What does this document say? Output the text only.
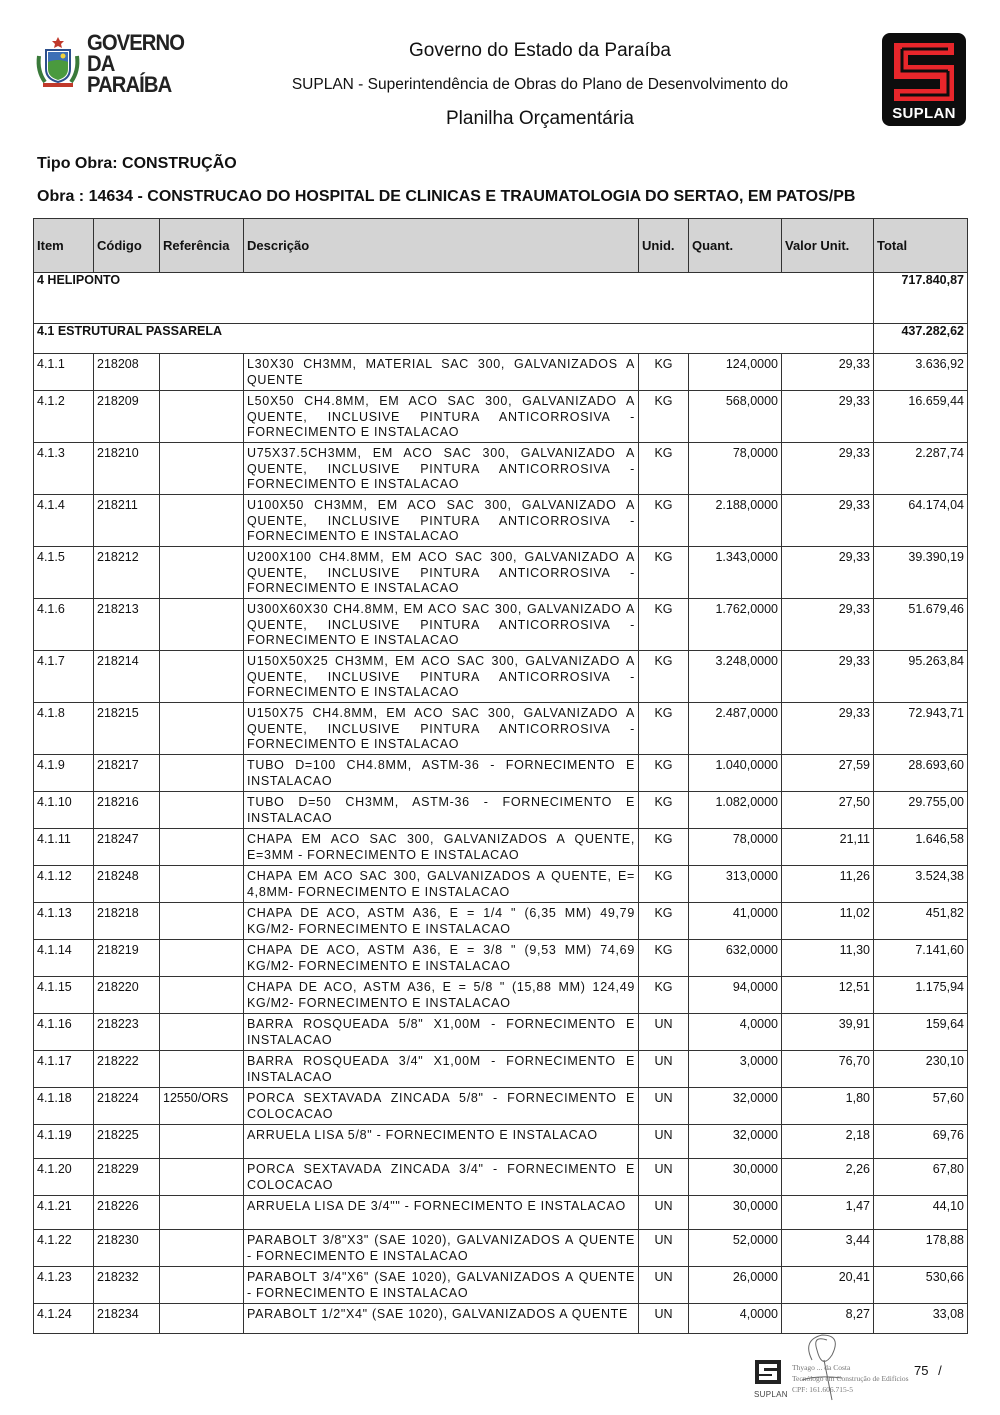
GOVERNO
DA PARAÍBA
Governo do Estado da Paraíba
SUPLAN - Superintendência de Obras do Plano de Desenvolvimento do
Planilha Orçamentária	SUPLAN
Tipo Obra: CONSTRUÇÃO
Obra : 14634 - CONSTRUCAO DO HOSPITAL DE CLINICAS E TRAUMATOLOGIA DO SERTAO, EM PATOS/PB
Item	Código	Referência	Descrição	Unid.	Quant.	Valor Unit.	Total
4 HELIPONTO							717.840,87
4.1 ESTRUTURAL PASSARELA							437.282,62
4.1.1	218208		L30X30 CH3MM, MATERIAL SAC 300, GALVANIZADOS A QUENTE	KG	124,0000	29,33	3.636,92
4.1.2	218209		L50X50 CH4.8MM, EM ACO SAC 300, GALVANIZADO A QUENTE, INCLUSIVE PINTURA ANTICORROSIVA - FORNECIMENTO E INSTALACAO	KG	568,0000	29,33	16.659,44
4.1.3	218210		U75X37.5CH3MM, EM ACO SAC 300, GALVANIZADO A QUENTE, INCLUSIVE PINTURA ANTICORROSIVA - FORNECIMENTO E INSTALACAO	KG	78,0000	29,33	2.287,74
4.1.4	218211		U100X50 CH3MM, EM ACO SAC 300, GALVANIZADO A QUENTE, INCLUSIVE PINTURA ANTICORROSIVA - FORNECIMENTO E INSTALACAO	KG	2.188,0000	29,33	64.174,04
4.1.5	218212		U200X100 CH4.8MM, EM ACO SAC 300, GALVANIZADO A QUENTE, INCLUSIVE PINTURA ANTICORROSIVA - FORNECIMENTO E INSTALACAO	KG	1.343,0000	29,33	39.390,19
4.1.6	218213		U300X60X30 CH4.8MM, EM ACO SAC 300, GALVANIZADO A QUENTE, INCLUSIVE PINTURA ANTICORROSIVA - FORNECIMENTO E INSTALACAO	KG	1.762,0000	29,33	51.679,46
4.1.7	218214		U150X50X25 CH3MM, EM ACO SAC 300, GALVANIZADO A QUENTE, INCLUSIVE PINTURA ANTICORROSIVA - FORNECIMENTO E INSTALACAO	KG	3.248,0000	29,33	95.263,84
4.1.8	218215		U150X75 CH4.8MM, EM ACO SAC 300, GALVANIZADO A QUENTE, INCLUSIVE PINTURA ANTICORROSIVA - FORNECIMENTO E INSTALACAO	KG	2.487,0000	29,33	72.943,71
4.1.9	218217		TUBO D=100 CH4.8MM, ASTM-36 - FORNECIMENTO E INSTALACAO	KG	1.040,0000	27,59	28.693,60
4.1.10	218216		TUBO D=50 CH3MM, ASTM-36 - FORNECIMENTO E INSTALACAO	KG	1.082,0000	27,50	29.755,00
4.1.11	218247		CHAPA EM ACO SAC 300, GALVANIZADOS A QUENTE, E=3MM - FORNECIMENTO E INSTALACAO	KG	78,0000	21,11	1.646,58
4.1.12	218248		CHAPA EM ACO SAC 300, GALVANIZADOS A QUENTE, E= 4,8MM- FORNECIMENTO E INSTALACAO	KG	313,0000	11,26	3.524,38
4.1.13	218218		CHAPA DE ACO, ASTM A36, E = 1/4 " (6,35 MM) 49,79 KG/M2- FORNECIMENTO E INSTALACAO	KG	41,0000	11,02	451,82
4.1.14	218219		CHAPA DE ACO, ASTM A36, E = 3/8 " (9,53 MM) 74,69 KG/M2- FORNECIMENTO E INSTALACAO	KG	632,0000	11,30	7.141,60
4.1.15	218220		CHAPA DE ACO, ASTM A36, E = 5/8 " (15,88 MM) 124,49 KG/M2- FORNECIMENTO E INSTALACAO	KG	94,0000	12,51	1.175,94
4.1.16	218223		BARRA ROSQUEADA 5/8" X1,00M - FORNECIMENTO E INSTALACAO	UN	4,0000	39,91	159,64
4.1.17	218222		BARRA ROSQUEADA 3/4" X1,00M - FORNECIMENTO E INSTALACAO	UN	3,0000	76,70	230,10
4.1.18	218224	12550/ORS	PORCA SEXTAVADA ZINCADA 5/8" - FORNECIMENTO E COLOCACAO	UN	32,0000	1,80	57,60
4.1.19	218225		ARRUELA LISA 5/8" - FORNECIMENTO E INSTALACAO	UN	32,0000	2,18	69,76
4.1.20	218229		PORCA SEXTAVADA ZINCADA 3/4" - FORNECIMENTO E COLOCACAO	UN	30,0000	2,26	67,80
4.1.21	218226		ARRUELA LISA DE 3/4"" - FORNECIMENTO E INSTALACAO	UN	30,0000	1,47	44,10
4.1.22	218230		PARABOLT 3/8"X3" (SAE 1020), GALVANIZADOS A QUENTE - FORNECIMENTO E INSTALACAO	UN	52,0000	3,44	178,88
4.1.23	218232		PARABOLT 3/4"X6" (SAE 1020), GALVANIZADOS A QUENTE - FORNECIMENTO E INSTALACAO	UN	26,0000	20,41	530,66
4.1.24	218234		PARABOLT 1/2"X4" (SAE 1020), GALVANIZADOS A QUENTE	UN	4,0000	8,27	33,08
SUPLAN
Thyago ... da Costa
Tecnólogo em Construção de Edifícios
CPF: 161.606.715-5
75 /
